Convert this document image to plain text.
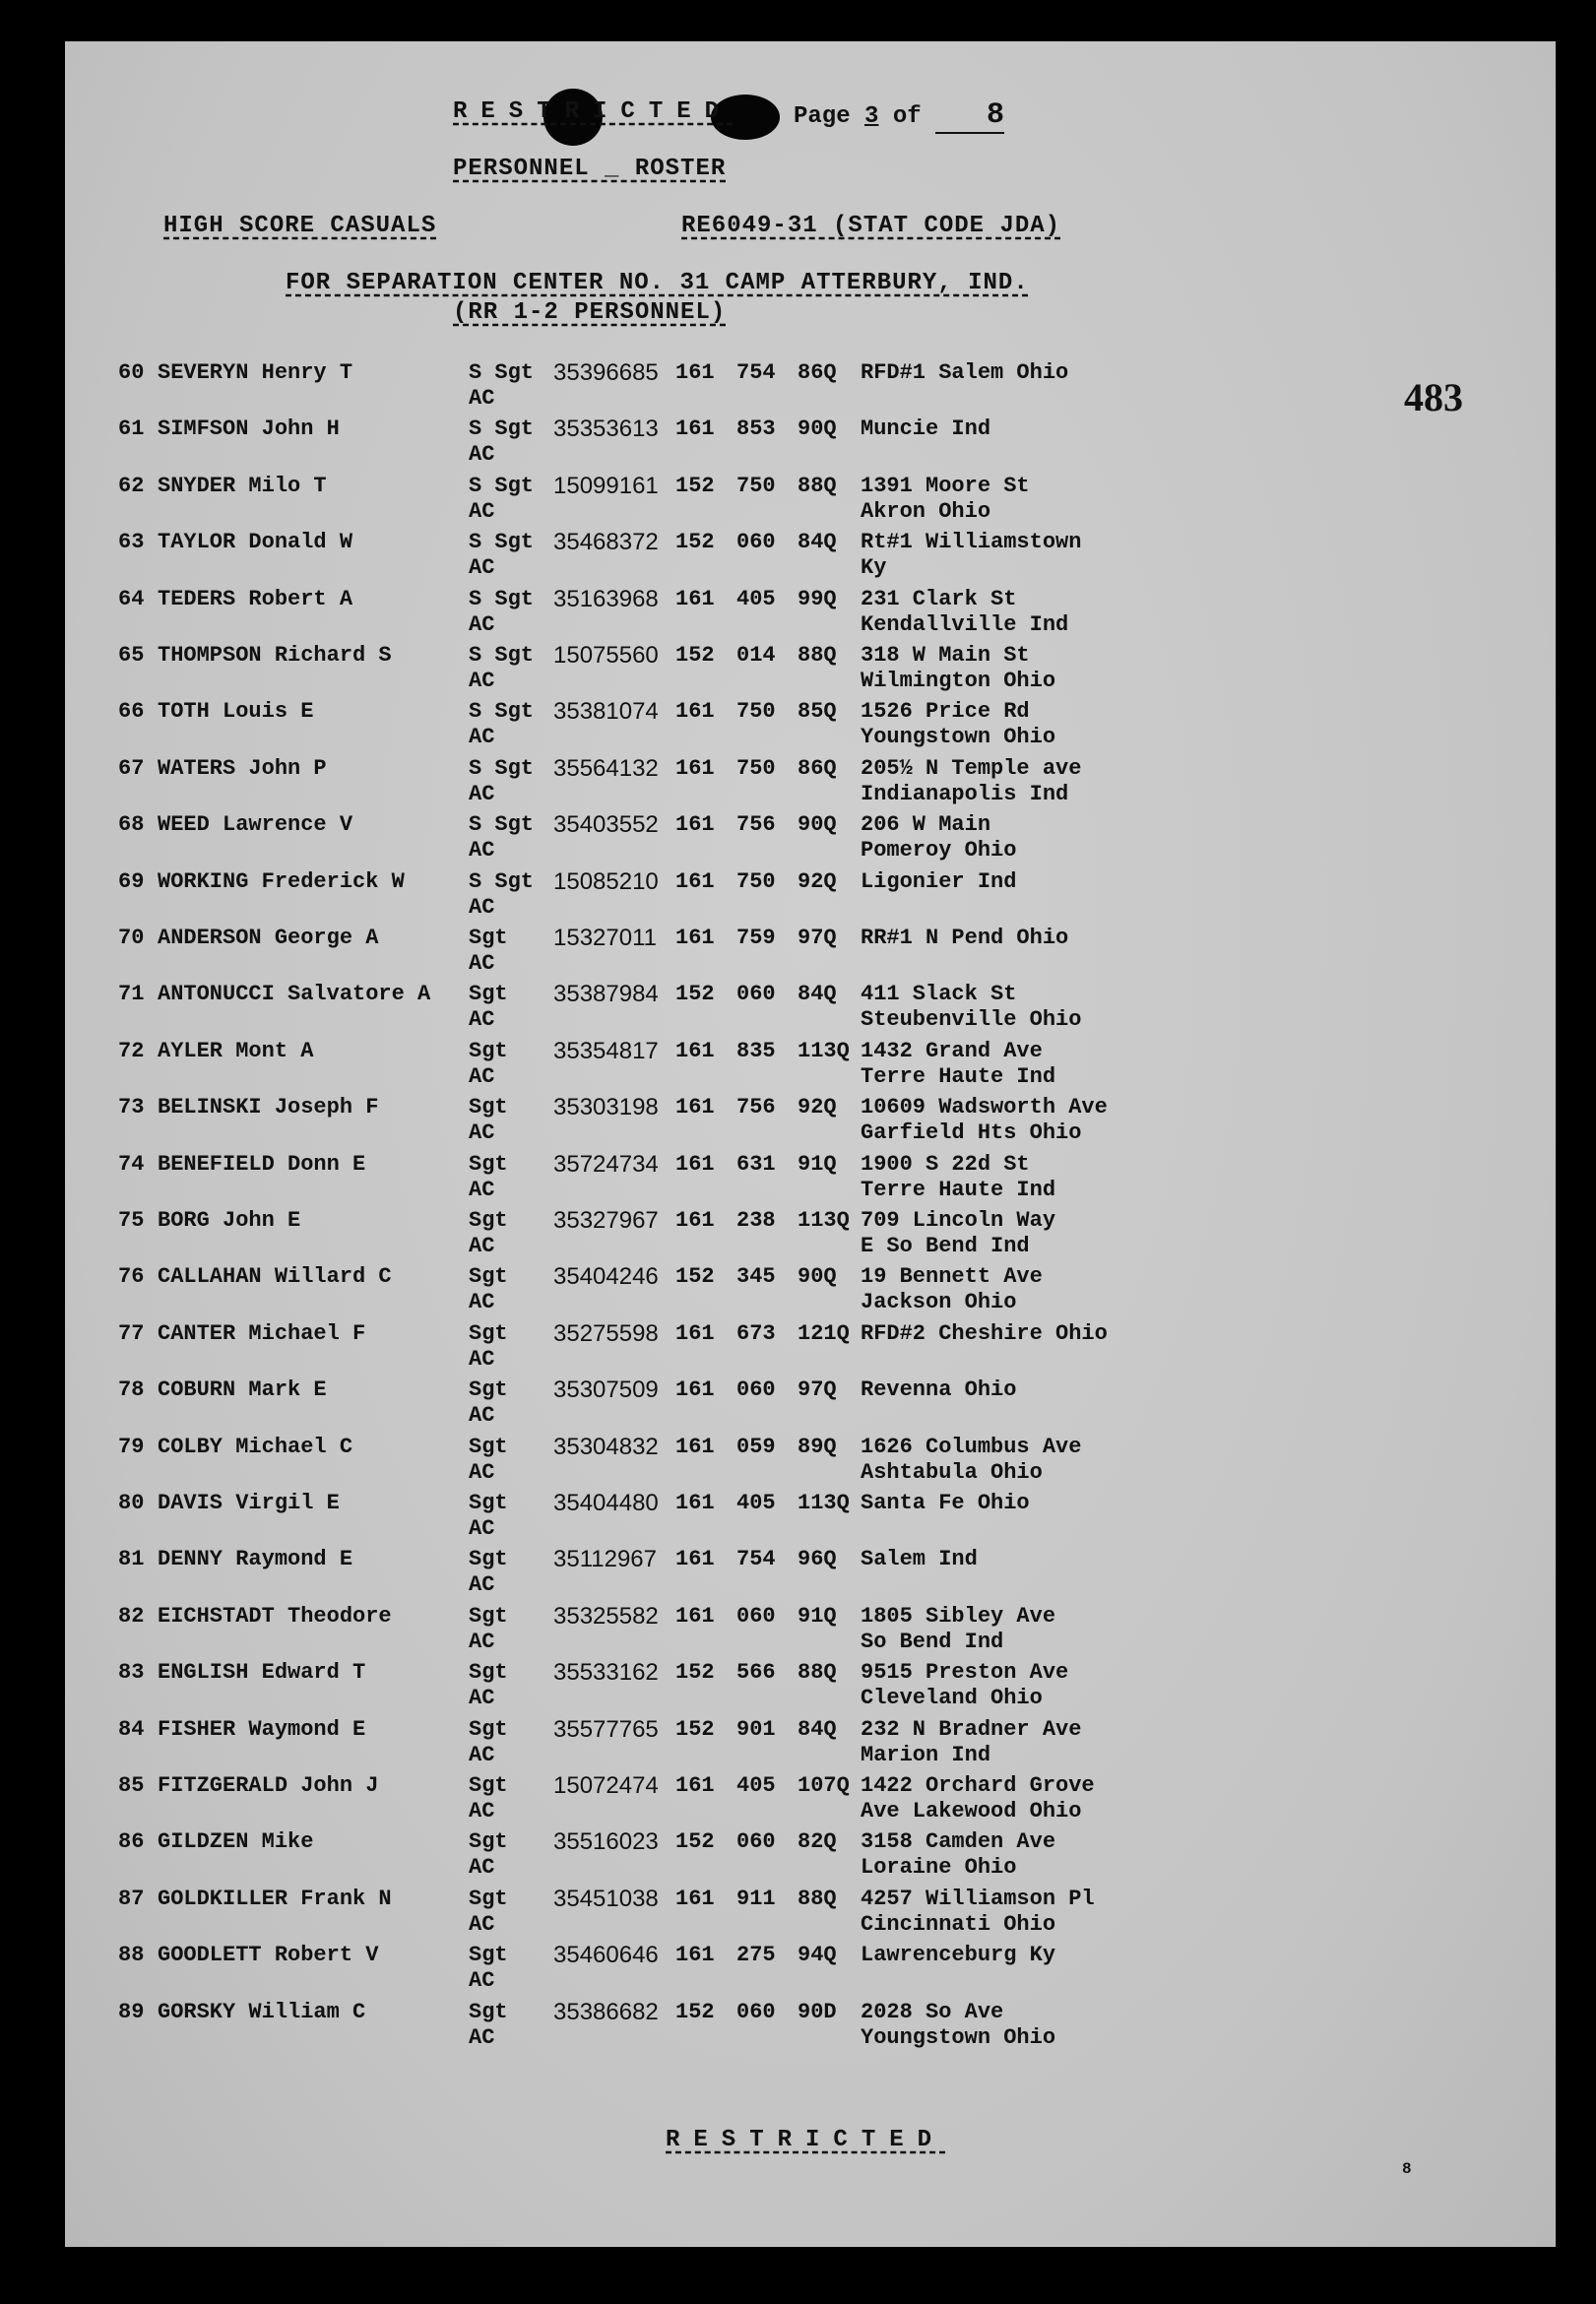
RESTRICTED	Page 3 of 8
PERSONNEL _ ROSTER
HIGH SCORE CASUALS	RE6049-31 (STAT CODE JDA)
FOR SEPARATION CENTER NO. 31 CAMP ATTERBURY, IND.
(RR 1-2 PERSONNEL)
483
60 SEVERYN Henry T	S Sgt
AC
35396685 161 754 86Q RFD#1 Salem Ohio
61 SIMFSON John H	S Sgt
AC
35353613 161 853 90Q Muncie Ind
62 SNYDER Milo T	S Sgt
AC
15099161 152 750 88Q 1391 Moore St
Akron Ohio
63 TAYLOR Donald W	S Sgt
AC
35468372 152 060 84Q Rt#1 Williamstown
Ky
64 TEDERS Robert A	S Sgt
AC
35163968 161 405 99Q 231 Clark St
Kendallville Ind
65 THOMPSON Richard S	S Sgt
AC
15075560 152 014 88Q 318 W Main St
Wilmington Ohio
66 TOTH Louis E	S Sgt
AC
35381074 161 750 85Q 1526 Price Rd
Youngstown Ohio
67 WATERS John P	S Sgt
AC
35564132 161 750 86Q 205½ N Temple ave
Indianapolis Ind
68 WEED Lawrence V	S Sgt
AC
35403552 161 756 90Q 206 W Main
Pomeroy Ohio
69 WORKING Frederick W	S Sgt
AC
15085210 161 750 92Q Ligonier Ind
70 ANDERSON George A	Sgt
AC
15327011 161 759 97Q RR#1 N Pend Ohio
71 ANTONUCCI Salvatore A Sgt
AC
35387984 152 060 84Q 411 Slack St
Steubenville Ohio
72 AYLER Mont A	Sgt
AC
35354817 161 835 113Q 1432 Grand Ave
Terre Haute Ind
73 BELINSKI Joseph F	Sgt
AC
35303198 161 756 92Q 10609 Wadsworth Ave
Garfield Hts Ohio
74 BENEFIELD Donn E	Sgt
AC
35724734 161 631 91Q 1900 S 22d St
Terre Haute Ind
75 BORG John E	Sgt
AC
35327967 161 238 113Q 709 Lincoln Way
E So Bend Ind
76 CALLAHAN Willard C	Sgt
AC
35404246 152 345 90Q 19 Bennett Ave
Jackson Ohio
77 CANTER Michael F	Sgt
AC
35275598 161 673 121Q RFD#2 Cheshire Ohio
78 COBURN Mark E	Sgt
AC
35307509 161 060 97Q Revenna Ohio
79 COLBY Michael C	Sgt
AC
35304832 161 059 89Q 1626 Columbus Ave
Ashtabula Ohio
80 DAVIS Virgil E	Sgt
AC
35404480 161 405 113Q Santa Fe Ohio
81 DENNY Raymond E	Sgt
AC
35112967 161 754 96Q Salem Ind
82 EICHSTADT Theodore	Sgt
AC
35325582 161 060 91Q 1805 Sibley Ave
So Bend Ind
83 ENGLISH Edward T	Sgt
AC
35533162 152 566 88Q 9515 Preston Ave
Cleveland Ohio
84 FISHER Waymond E	Sgt
AC
35577765 152 901 84Q 232 N Bradner Ave
Marion Ind
85 FITZGERALD John J	Sgt
AC
15072474 161 405 107Q 1422 Orchard Grove
Ave Lakewood Ohio
86 GILDZEN Mike	Sgt
AC
35516023 152 060 82Q 3158 Camden Ave
Loraine Ohio
87 GOLDKILLER Frank N	Sgt
AC
35451038 161 911 88Q 4257 Williamson Pl
Cincinnati Ohio
88 GOODLETT Robert V	Sgt
AC
35460646 161 275 94Q Lawrenceburg Ky
89 GORSKY William C	Sgt
AC
35386682 152 060 90D 2028 So Ave
Youngstown Ohio
RESTRICTED
8
